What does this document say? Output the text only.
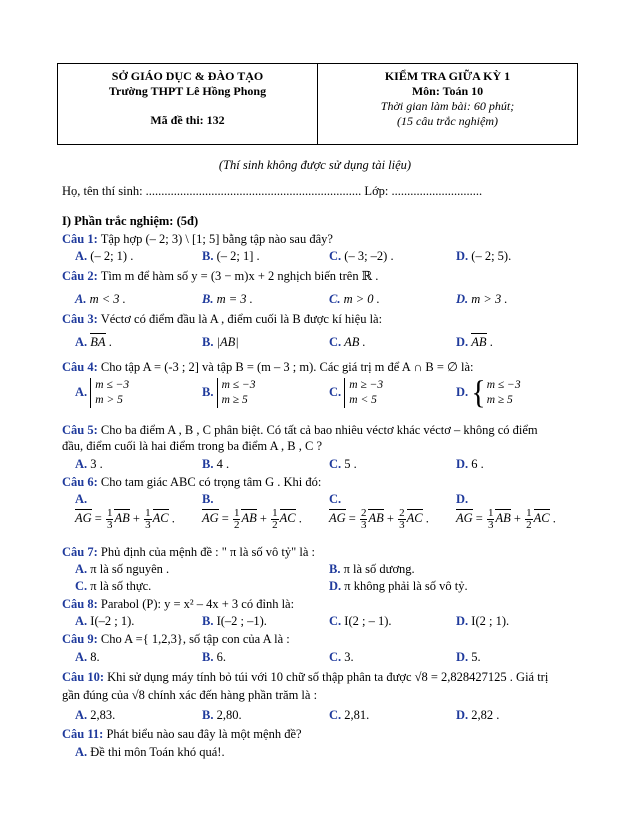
SỞ GIÁO DỤC & ĐÀO TẠO
Trường THPT Lê Hồng Phong
Mã đề thi: 132
KIỂM TRA GIỮA KỲ 1
Môn: Toán 10
Thời gian làm bài: 60 phút;
(15 câu trắc nghiệm)
(Thí sinh không được sử dụng tài liệu)
Họ, tên thí sinh: ..................................................................... Lớp: .............................
I) Phần trắc nghiệm: (5đ)
Câu 1: Tập hợp (– 2; 3) \ [1; 5] bằng tập nào sau đây?
A. (– 2; 1) .	B. (– 2; 1] .	C. (– 3; –2) .	D. (– 2; 5).
Câu 2: Tìm m để hàm số y = (3 − m)x + 2 nghịch biến trên ℝ .
A. m < 3 .	B. m = 3 .	C. m > 0 .	D. m > 3 .
Câu 3: Véctơ có điểm đầu là A , điểm cuối là B được kí hiệu là:
A. BA .	B. |AB|	C. AB .	D. AB .
Câu 4: Cho tập A = (-3 ; 2] và tập B = (m – 3 ; m). Các giá trị m để A ∩ B = ∅ là:
A. m ≤ −3
m > 5
B. m ≤ −3
m ≥ 5
C. m ≥ −3
m < 5
D. {m ≤ −3
m ≥ 5
Câu 5: Cho ba điểm A , B , C phân biệt. Có tất cả bao nhiêu véctơ khác véctơ – không có điểm
đầu, điểm cuối là hai điểm trong ba điểm A , B , C ?
A. 3 .	B. 4 .	C. 5 .	D. 6 .
Câu 6: Cho tam giác ABC có trọng tâm G . Khi đó:
A.	B.	C.	D.
AG = $\frac{1}{3}$ AB + $\frac{1}{3}$ AC . AG = $\frac{1}{2}$ AB + $\frac{1}{2}$ AC . AG = $\frac{2}{3}$ AB + $\frac{2}{3}$ AC . AG = $\frac{1}{3}$ AB + $\frac{1}{2}$ AC .
Câu 7: Phủ định của mệnh đề : " π là số vô tỷ" là :
A. π là số nguyên .	B. π là số dương.
C. π là số thực.	D. π không phải là số vô tỷ.
Câu 8: Parabol (P): y = x² – 4x + 3 có đỉnh là:
A. I(–2 ; 1).	B. I(–2 ; –1).	C. I(2 ; – 1).	D. I(2 ; 1).
Câu 9: Cho A ={ 1,2,3}, số tập con của A là :
A. 8.	B. 6.	C. 3.	D. 5.
Câu 10: Khi sử dụng máy tính bỏ túi với 10 chữ số thập phân ta được √8 = 2,828427125 . Giá trị
gần đúng của √8 chính xác đến hàng phần trăm là :
A. 2,83.	B. 2,80.	C. 2,81.	D. 2,82 .
Câu 11: Phát biểu nào sau đây là một mệnh đề?
A. Đề thi môn Toán khó quá!.
